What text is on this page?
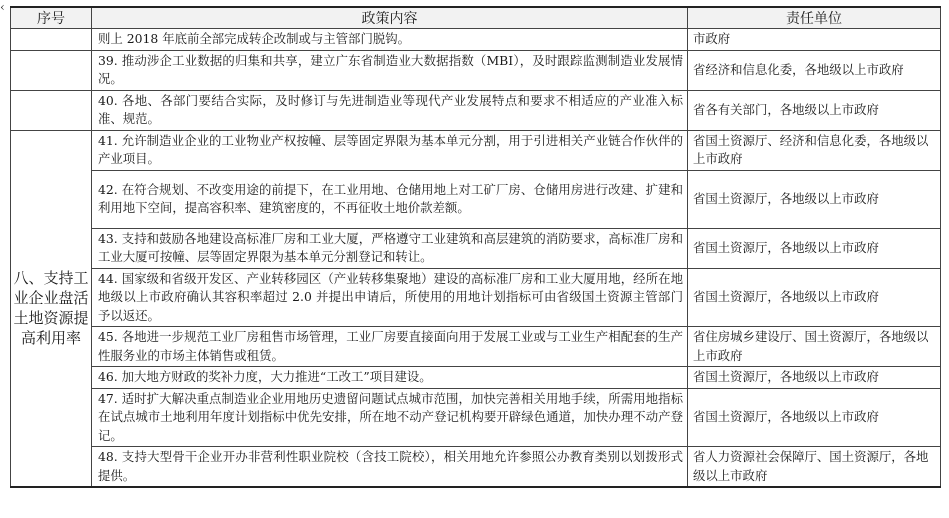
‹
序号	政策内容	责任单位
	则上 2018 年底前全部完成转企改制或与主管部门脱钩。	市政府
	39. 推动涉企工业数据的归集和共享，建立广东省制造业大数据指数（MBI），及时跟踪监测制造业发展情况。	省经济和信息化委，各地级以上市政府
	40. 各地、各部门要结合实际，及时修订与先进制造业等现代产业发展特点和要求不相适应的产业准入标准、规范。	省各有关部门，各地级以上市政府
八、支持工业企业盘活土地资源提高利用率	41. 允许制造业企业的工业物业产权按幢、层等固定界限为基本单元分割，用于引进相关产业链合作伙伴的产业项目。	省国土资源厅、经济和信息化委，各地级以上市政府
	42. 在符合规划、不改变用途的前提下，在工业用地、仓储用地上对工矿厂房、仓储用房进行改建、扩建和利用地下空间，提高容积率、建筑密度的，不再征收土地价款差额。	省国土资源厅，各地级以上市政府
	43. 支持和鼓励各地建设高标准厂房和工业大厦，严格遵守工业建筑和高层建筑的消防要求，高标准厂房和工业大厦可按幢、层等固定界限为基本单元分割登记和转让。	省国土资源厅，各地级以上市政府
	44. 国家级和省级开发区、产业转移园区（产业转移集聚地）建设的高标准厂房和工业大厦用地，经所在地地级以上市政府确认其容积率超过 2.0 并提出申请后，所使用的用地计划指标可由省级国土资源主管部门予以返还。	省国土资源厅，各地级以上市政府
	45. 各地进一步规范工业厂房租售市场管理，工业厂房要直接面向用于发展工业或与工业生产相配套的生产性服务业的市场主体销售或租赁。	省住房城乡建设厅、国土资源厅，各地级以上市政府
	46. 加大地方财政的奖补力度，大力推进“工改工”项目建设。	省国土资源厅，各地级以上市政府
	47. 适时扩大解决重点制造业企业用地历史遗留问题试点城市范围，加快完善相关用地手续，所需用地指标在试点城市土地利用年度计划指标中优先安排，所在地不动产登记机构要开辟绿色通道，加快办理不动产登记。	省国土资源厅，各地级以上市政府
	48. 支持大型骨干企业开办非营利性职业院校（含技工院校），相关用地允许参照公办教育类别以划拨形式提供。	省人力资源社会保障厅、国土资源厅，各地级以上市政府
